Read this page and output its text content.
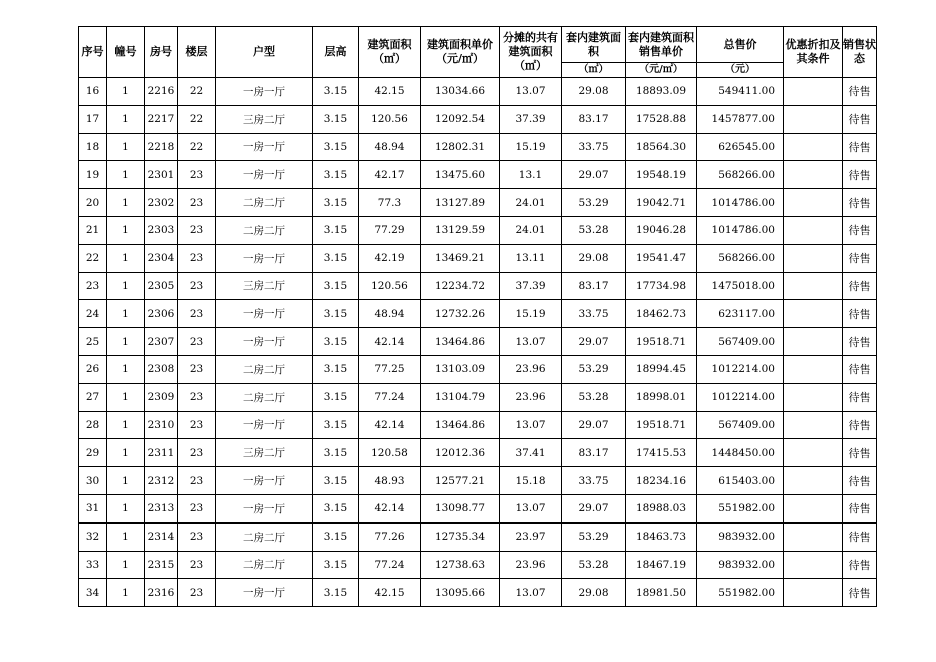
序号	幢号	房号	楼层	户型	层高	建筑面积（㎡）	建筑面积单价（元/㎡）	分摊的共有建筑面积（㎡）	套内建筑面积	套内建筑面积销售单价	总售价	优惠折扣及其条件	销售状态
									（㎡）	（元/㎡）	（元）		
16	1	2216	22	一房一厅	3.15	42.15	13034.66	13.07	29.08	18893.09	549411.00		待售
17	1	2217	22	三房二厅	3.15	120.56	12092.54	37.39	83.17	17528.88	1457877.00		待售
18	1	2218	22	一房一厅	3.15	48.94	12802.31	15.19	33.75	18564.30	626545.00		待售
19	1	2301	23	一房一厅	3.15	42.17	13475.60	13.1	29.07	19548.19	568266.00		待售
20	1	2302	23	二房二厅	3.15	77.3	13127.89	24.01	53.29	19042.71	1014786.00		待售
21	1	2303	23	二房二厅	3.15	77.29	13129.59	24.01	53.28	19046.28	1014786.00		待售
22	1	2304	23	一房一厅	3.15	42.19	13469.21	13.11	29.08	19541.47	568266.00		待售
23	1	2305	23	三房二厅	3.15	120.56	12234.72	37.39	83.17	17734.98	1475018.00		待售
24	1	2306	23	一房一厅	3.15	48.94	12732.26	15.19	33.75	18462.73	623117.00		待售
25	1	2307	23	一房一厅	3.15	42.14	13464.86	13.07	29.07	19518.71	567409.00		待售
26	1	2308	23	二房二厅	3.15	77.25	13103.09	23.96	53.29	18994.45	1012214.00		待售
27	1	2309	23	二房二厅	3.15	77.24	13104.79	23.96	53.28	18998.01	1012214.00		待售
28	1	2310	23	一房一厅	3.15	42.14	13464.86	13.07	29.07	19518.71	567409.00		待售
29	1	2311	23	三房二厅	3.15	120.58	12012.36	37.41	83.17	17415.53	1448450.00		待售
30	1	2312	23	一房一厅	3.15	48.93	12577.21	15.18	33.75	18234.16	615403.00		待售
31	1	2313	23	一房一厅	3.15	42.14	13098.77	13.07	29.07	18988.03	551982.00		待售
32	1	2314	23	二房二厅	3.15	77.26	12735.34	23.97	53.29	18463.73	983932.00		待售
33	1	2315	23	二房二厅	3.15	77.24	12738.63	23.96	53.28	18467.19	983932.00		待售
34	1	2316	23	一房一厅	3.15	42.15	13095.66	13.07	29.08	18981.50	551982.00		待售
